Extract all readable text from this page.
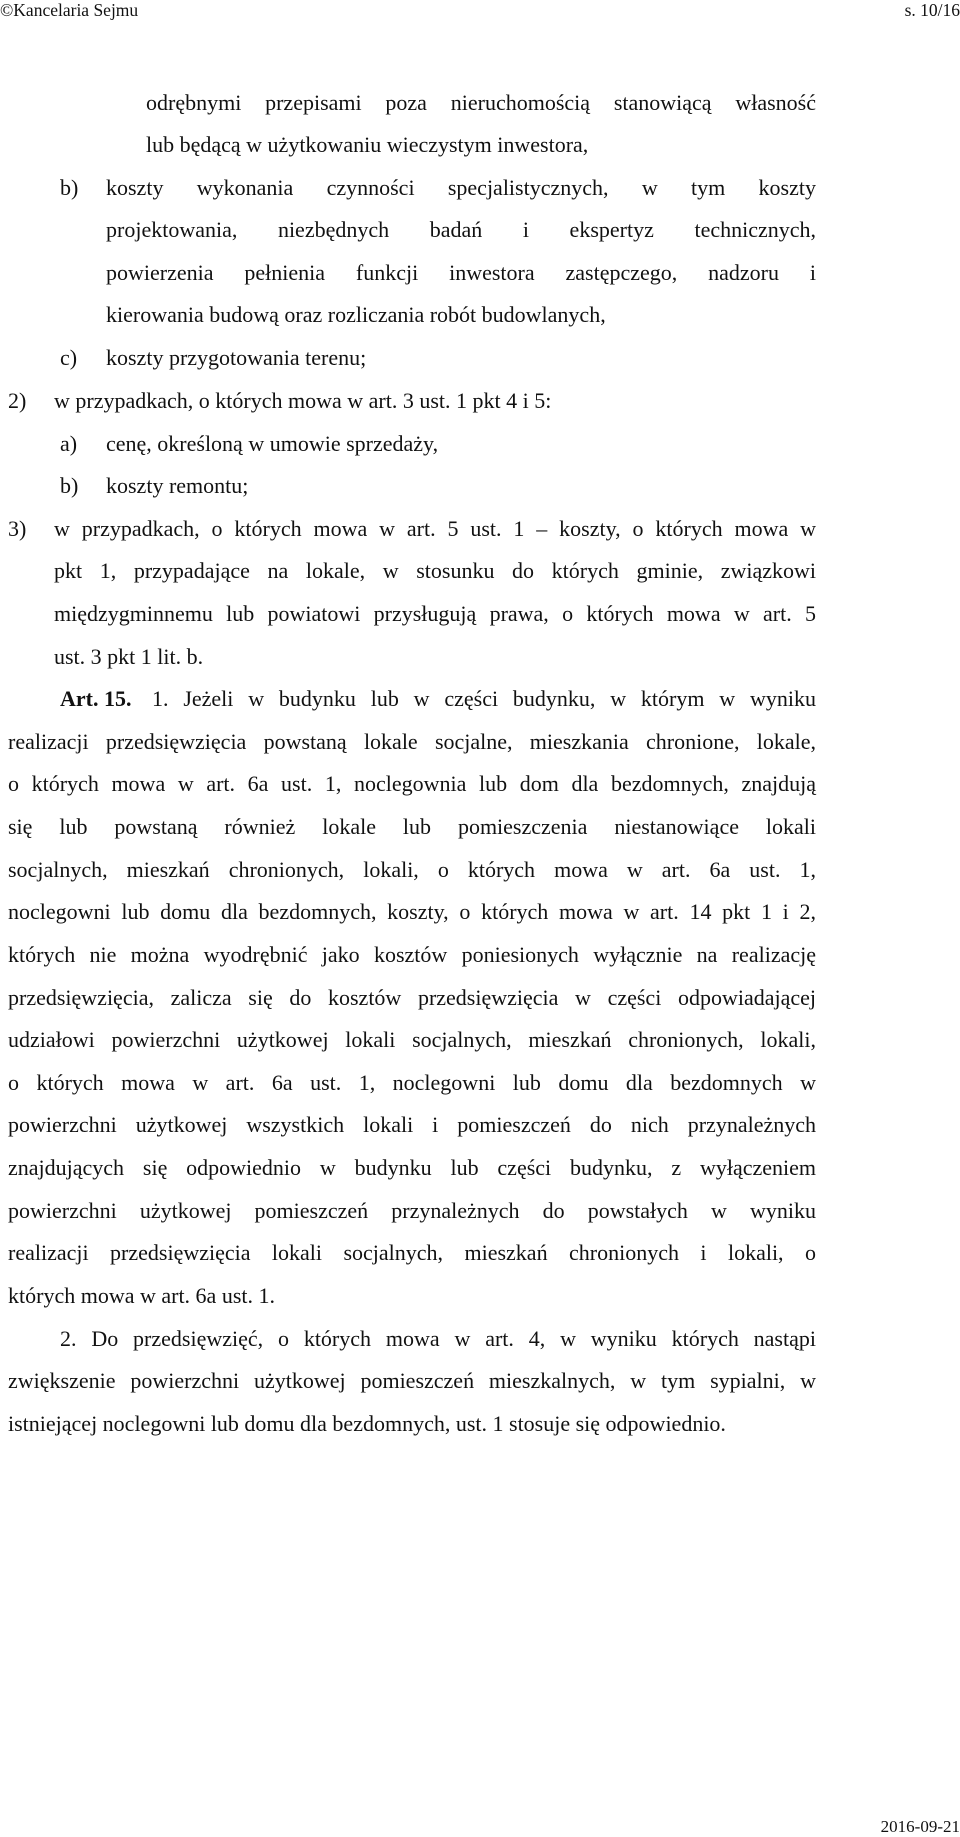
©Kancelaria Sejmu	s. 10/16
odrębnymi przepisami poza nieruchomością stanowiącą własność
lub będącą w użytkowaniu wieczystym inwestora,
b) koszty wykonania czynności specjalistycznych, w tym koszty
projektowania, niezbędnych badań i ekspertyz technicznych,
powierzenia pełnienia funkcji inwestora zastępczego, nadzoru i
kierowania budową oraz rozliczania robót budowlanych,
c) koszty przygotowania terenu;
2) w przypadkach, o których mowa w art. 3 ust. 1 pkt 4 i 5:
a) cenę, określoną w umowie sprzedaży,
b) koszty remontu;
3) w przypadkach, o których mowa w art. 5 ust. 1 – koszty, o których mowa w
pkt 1, przypadające na lokale, w stosunku do których gminie, związkowi
międzygminnemu lub powiatowi przysługują prawa, o których mowa w art. 5
ust. 3 pkt 1 lit. b.
Art. 15. 1. Jeżeli w budynku lub w części budynku, w którym w wyniku
realizacji przedsięwzięcia powstaną lokale socjalne, mieszkania chronione, lokale,
o których mowa w art. 6a ust. 1, noclegownia lub dom dla bezdomnych, znajdują
się lub powstaną również lokale lub pomieszczenia niestanowiące lokali
socjalnych, mieszkań chronionych, lokali, o których mowa w art. 6a ust. 1,
noclegowni lub domu dla bezdomnych, koszty, o których mowa w art. 14 pkt 1 i 2,
których nie można wyodrębnić jako kosztów poniesionych wyłącznie na realizację
przedsięwzięcia, zalicza się do kosztów przedsięwzięcia w części odpowiadającej
udziałowi powierzchni użytkowej lokali socjalnych, mieszkań chronionych, lokali,
o których mowa w art. 6a ust. 1, noclegowni lub domu dla bezdomnych w
powierzchni użytkowej wszystkich lokali i pomieszczeń do nich przynależnych
znajdujących się odpowiednio w budynku lub części budynku, z wyłączeniem
powierzchni użytkowej pomieszczeń przynależnych do powstałych w wyniku
realizacji przedsięwzięcia lokali socjalnych, mieszkań chronionych i lokali, o
których mowa w art. 6a ust. 1.
2. Do przedsięwzięć, o których mowa w art. 4, w wyniku których nastąpi
zwiększenie powierzchni użytkowej pomieszczeń mieszkalnych, w tym sypialni, w
istniejącej noclegowni lub domu dla bezdomnych, ust. 1 stosuje się odpowiednio.
2016-09-21
